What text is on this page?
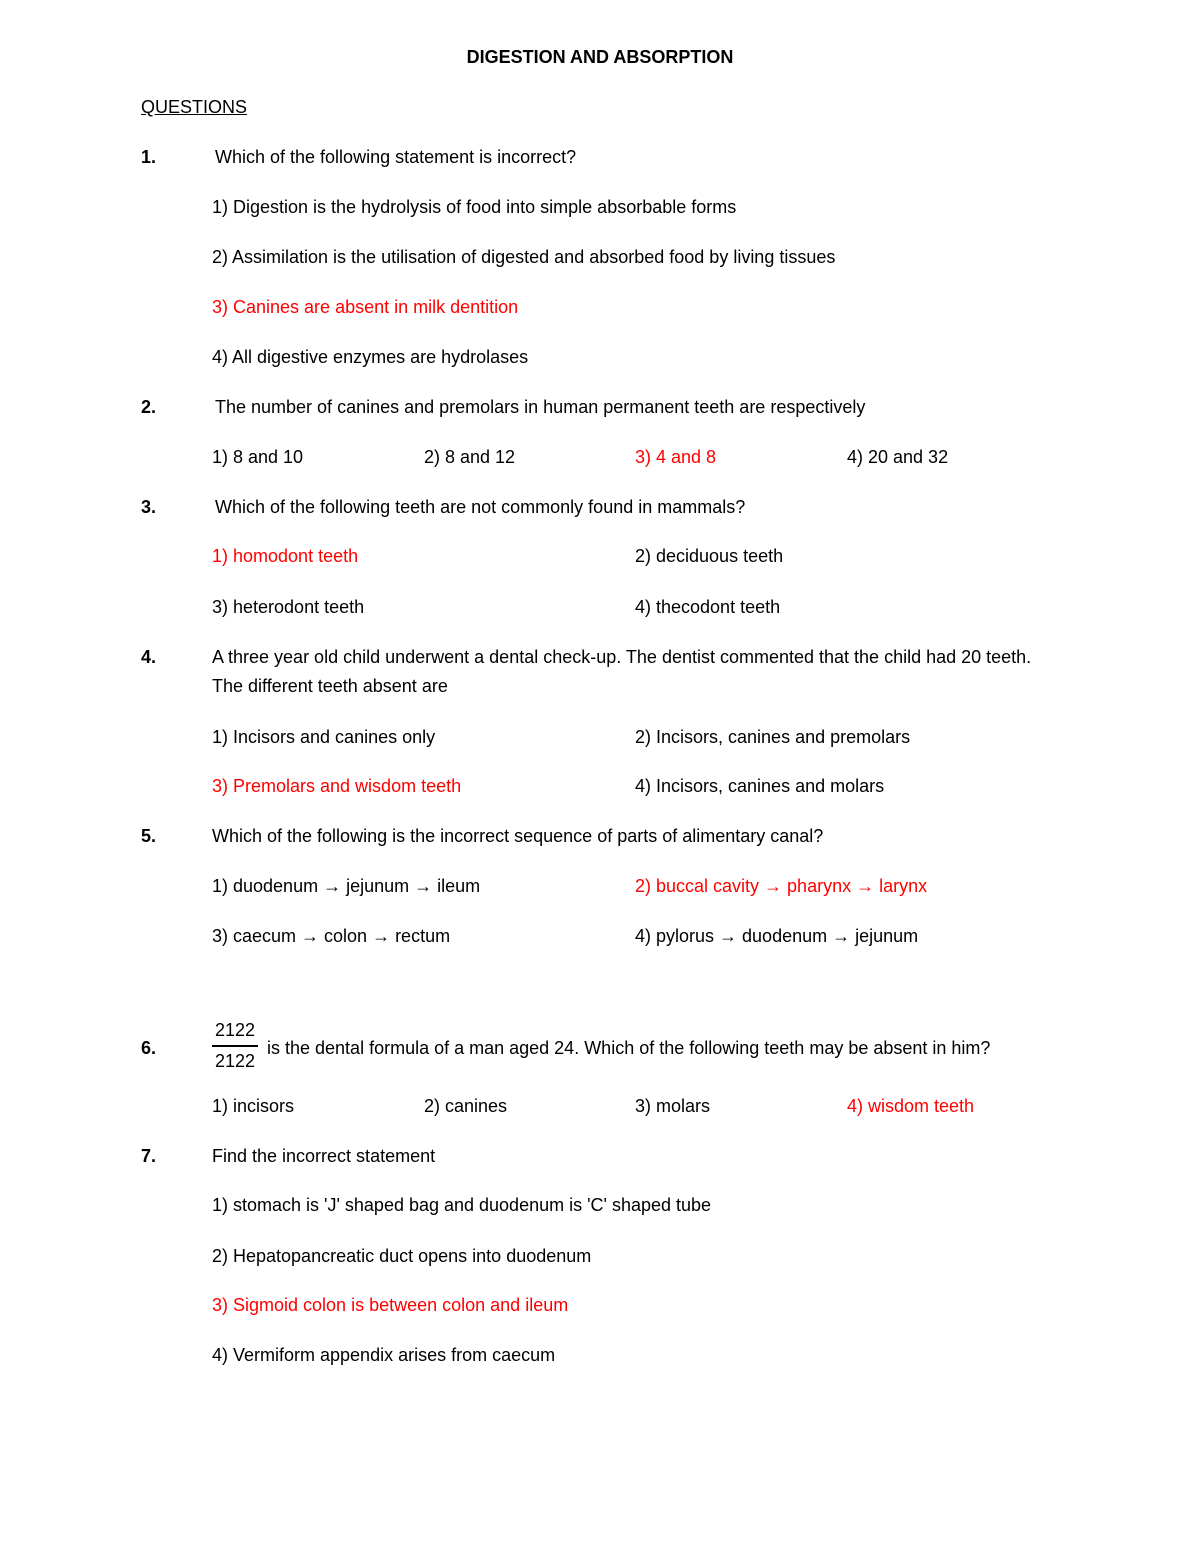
DIGESTION AND ABSORPTION
QUESTIONS
1.	Which of the following statement is incorrect?
1) Digestion is the hydrolysis of food into simple absorbable forms
2) Assimilation is the utilisation of digested and absorbed food by living tissues
3) Canines are absent in milk dentition
4) All digestive enzymes are hydrolases
2.	The number of canines and premolars in human permanent teeth are respectively
1) 8 and 10	2) 8 and 12	3) 4 and 8	4) 20 and 32
3.	Which of the following teeth are not commonly found in mammals?
1) homodont teeth	2) deciduous teeth
3) heterodont teeth	4) thecodont teeth
4.	A three year old child underwent a dental check-up. The dentist commented that the child had 20 teeth. The different teeth absent are
1) Incisors and canines only	2) Incisors, canines and premolars
3) Premolars and wisdom teeth	4) Incisors, canines and molars
5.	Which of the following is the incorrect sequence of parts of alimentary canal?
1) duodenum → jejunum → ileum	2) buccal cavity → pharynx → larynx
3) caecum → colon → rectum	4) pylorus → duodenum → jejunum
6.	$\frac{2122}{2122}$ is the dental formula of a man aged 24. Which of the following teeth may be absent in him?
1) incisors	2) canines	3) molars	4) wisdom teeth
7.	Find the incorrect statement
1) stomach is 'J' shaped bag and duodenum is 'C' shaped tube
2) Hepatopancreatic duct opens into duodenum
3) Sigmoid colon is between colon and ileum
4) Vermiform appendix arises from caecum
